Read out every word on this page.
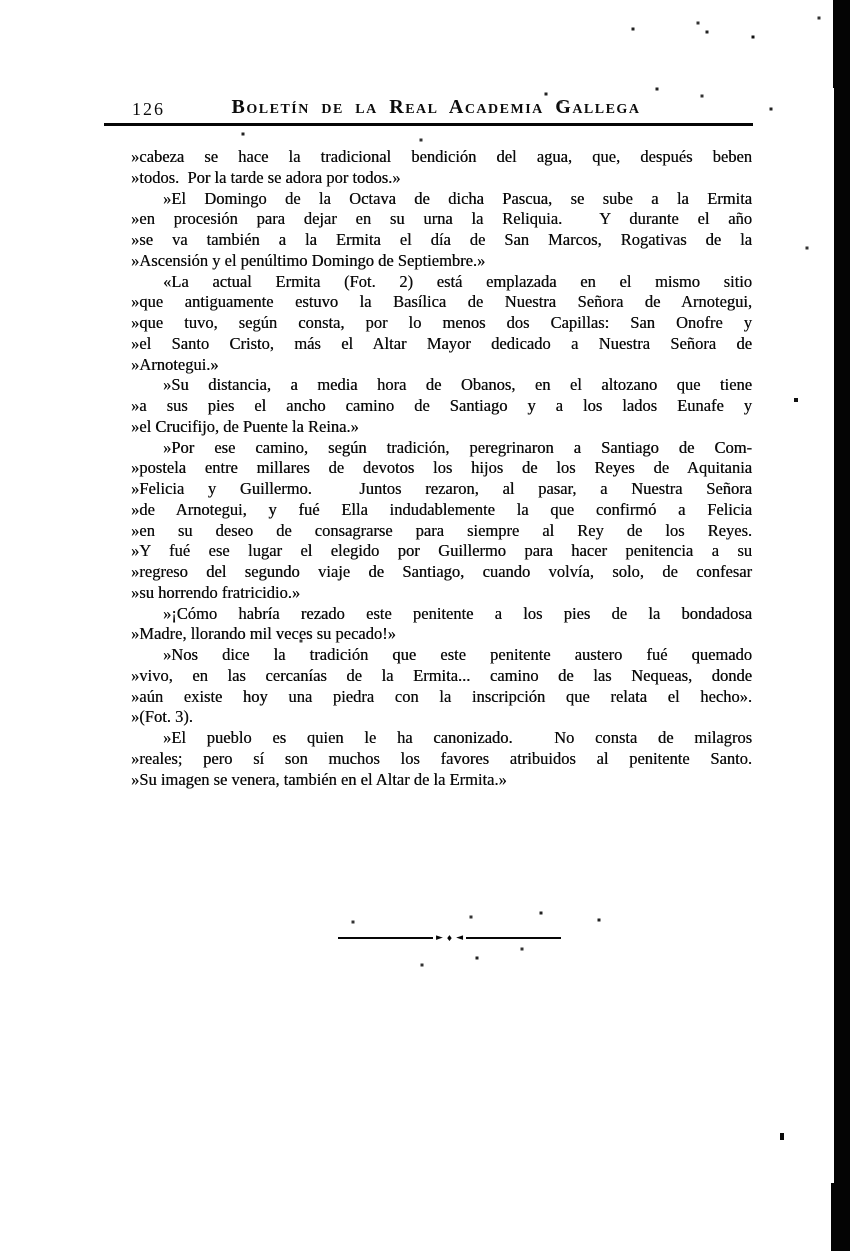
126	Boletín de la Real Academia Gallega
»cabeza se hace la tradicional bendición del agua, que, después beben
»todos.  Por la tarde se adora por todos.»
»El Domingo de la Octava de dicha Pascua, se sube a la Ermita
»en procesión para dejar en su urna la Reliquia.  Y durante el año
»se va también a la Ermita el día de San Marcos, Rogativas de la
»Ascensión y el penúltimo Domingo de Septiembre.»
«La actual Ermita (Fot. 2) está emplazada en el mismo sitio
»que antiguamente estuvo la Basílica de Nuestra Señora de Arnotegui,
»que tuvo, según consta, por lo menos dos Capillas: San Onofre y
»el Santo Cristo, más el Altar Mayor dedicado a Nuestra Señora de
»Arnotegui.»
»Su distancia, a media hora de Obanos, en el altozano que tiene
»a sus pies el ancho camino de Santiago y a los lados Eunafe y
»el Crucifijo, de Puente la Reina.»
»Por ese camino, según tradición, peregrinaron a Santiago de Com-
»postela entre millares de devotos los hijos de los Reyes de Aquitania
»Felicia y Guillermo.  Juntos rezaron, al pasar, a Nuestra Señora
»de Arnotegui, y fué Ella indudablemente la que confirmó a Felicia
»en su deseo de consagrarse para siempre al Rey de los Reyes.
»Y fué ese lugar el elegido por Guillermo para hacer penitencia a su
»regreso del segundo viaje de Santiago, cuando volvía, solo, de confesar
»su horrendo fratricidio.»
»¡Cómo habría rezado este penitente a los pies de la bondadosa
»Madre, llorando mil veces su pecado!»
»Nos dice la tradición que este penitente austero fué quemado
»vivo, en las cercanías de la Ermita... camino de las Nequeas, donde
»aún existe hoy una piedra con la inscripción que relata el hecho».
»(Fot. 3).
»El pueblo es quien le ha canonizado.  No consta de milagros
»reales; pero sí son muchos los favores atribuidos al penitente Santo.
»Su imagen se venera, también en el Altar de la Ermita.»
► ♦ ◄
